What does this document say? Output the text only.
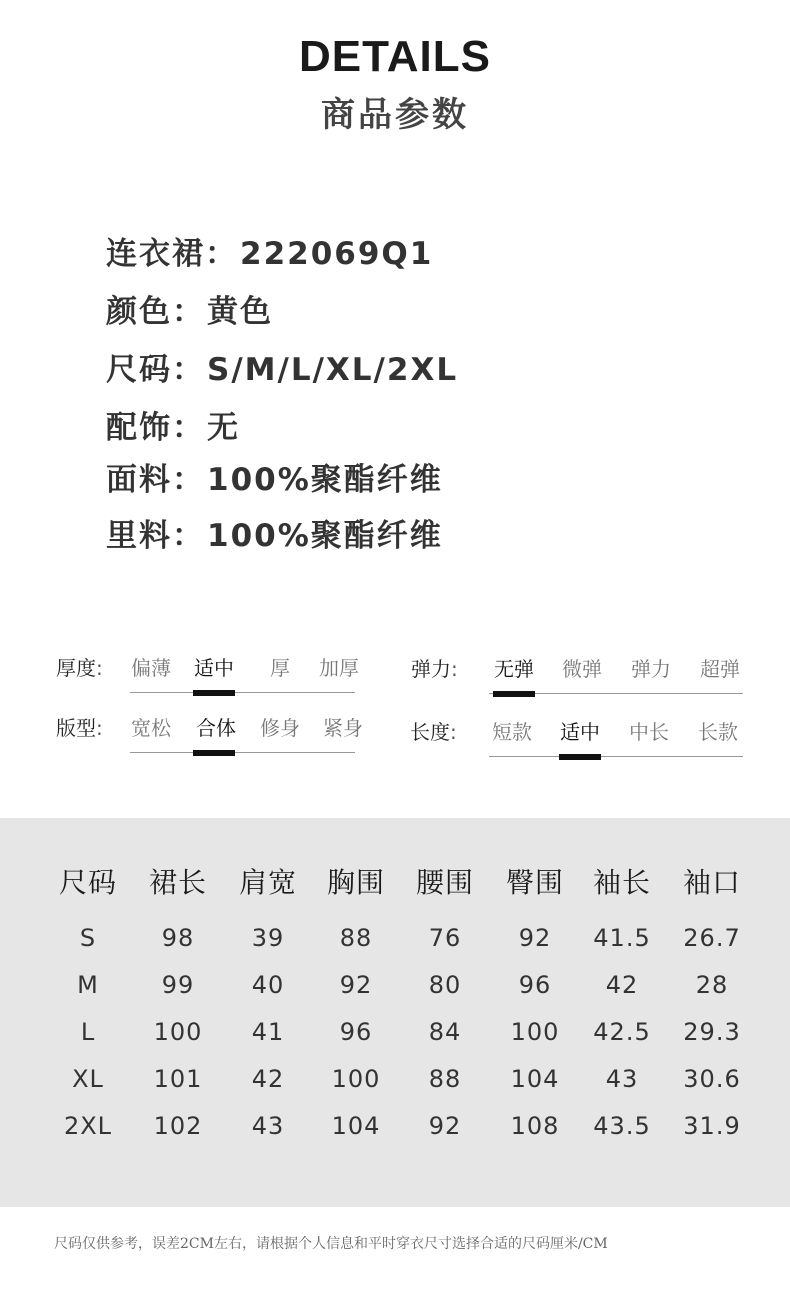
DETAILS
商品参数
连衣裙：222069Q1
颜色：黄色
尺码：S/M/L/XL/2XL
配饰：无
面料：100%聚酯纤维
里料：100%聚酯纤维
厚度: 偏薄 适中 厚 加厚
版型: 宽松 合体 修身 紧身
弹力: 无弹 微弹 弹力 超弹
长度: 短款 适中 中长 长款
尺码 裙长 肩宽 胸围 腰围 臀围 袖长 袖口
S	98 39 88 76 92 41.5 26.7
M	99 40 92 80 96 42 28
L 100 41 96 84 100 42.5 29.3
XL 101 42 100 88 104 43 30.6
2XL 102 43 104 92 108 43.5 31.9
尺码仅供参考，误差2CM左右，请根据个人信息和平时穿衣尺寸选择合适的尺码厘米/CM
